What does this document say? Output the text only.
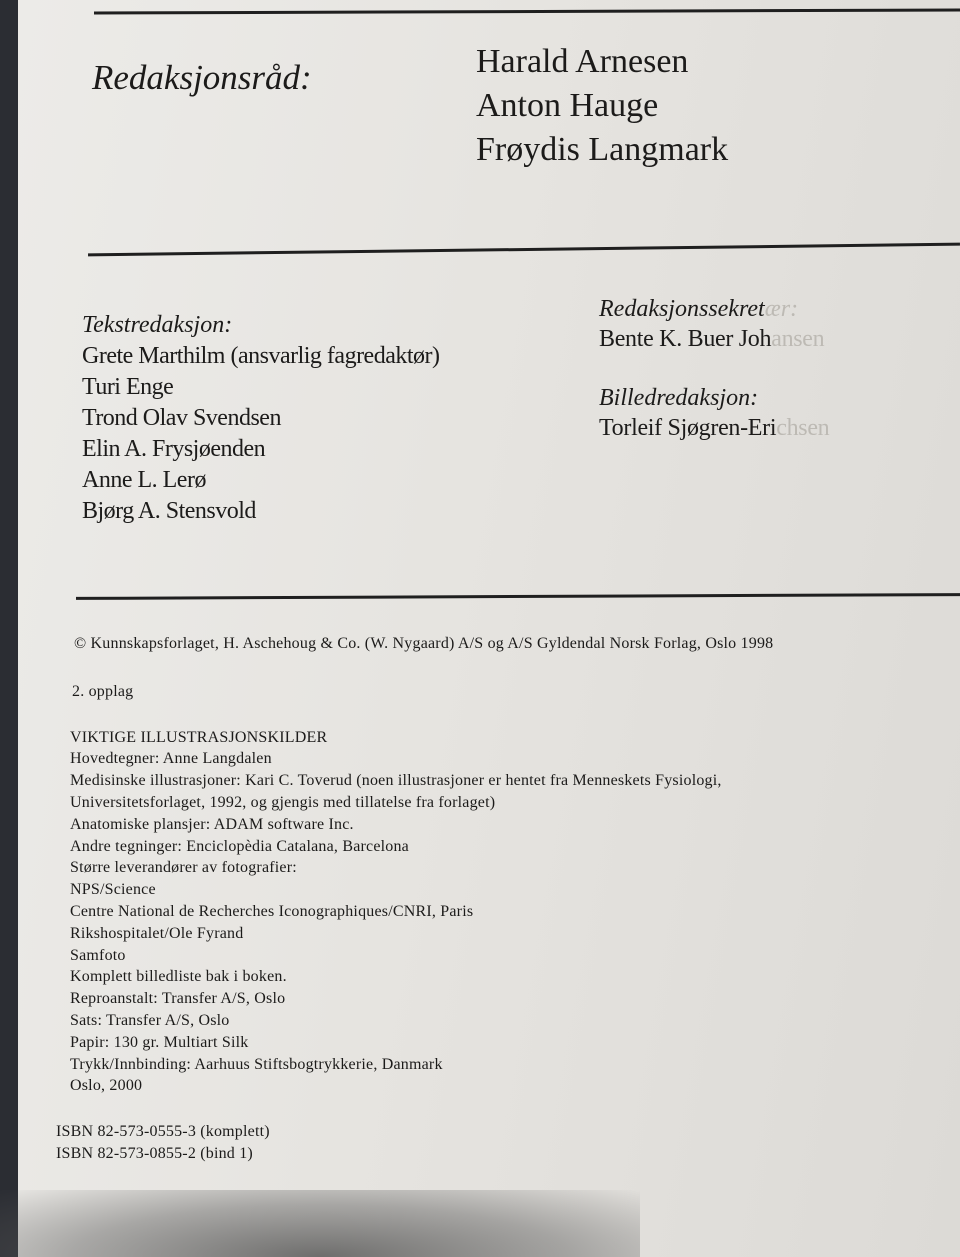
Redaksjonsråd:	Harald Arnesen
Anton Hauge
Frøydis Langmark
Tekstredaksjon:
Grete Marthilm (ansvarlig fagredaktør)
Turi Enge
Trond Olav Svendsen
Elin A. Frysjøenden
Anne L. Lerø
Bjørg A. Stensvold
Redaksjonssekretær:
Bente K. Buer Johansen
Billedredaksjon:
Torleif Sjøgren-Erichsen
© Kunnskapsforlaget, H. Aschehoug & Co. (W. Nygaard) A/S og A/S Gyldendal Norsk Forlag, Oslo 1998
2. opplag
VIKTIGE ILLUSTRASJONSKILDER
Hovedtegner: Anne Langdalen
Medisinske illustrasjoner: Kari C. Toverud (noen illustrasjoner er hentet fra Menneskets Fysiologi,
Universitetsforlaget, 1992, og gjengis med tillatelse fra forlaget)
Anatomiske plansjer: ADAM software Inc.
Andre tegninger: Enciclopèdia Catalana, Barcelona
Større leverandører av fotografier:
NPS/Science
Centre National de Recherches Iconographiques/CNRI, Paris
Rikshospitalet/Ole Fyrand
Samfoto
Komplett billedliste bak i boken.
Reproanstalt: Transfer A/S, Oslo
Sats: Transfer A/S, Oslo
Papir: 130 gr. Multiart Silk
Trykk/Innbinding: Aarhuus Stiftsbogtrykkerie, Danmark
Oslo, 2000
ISBN 82-573-0555-3 (komplett)
ISBN 82-573-0855-2 (bind 1)
